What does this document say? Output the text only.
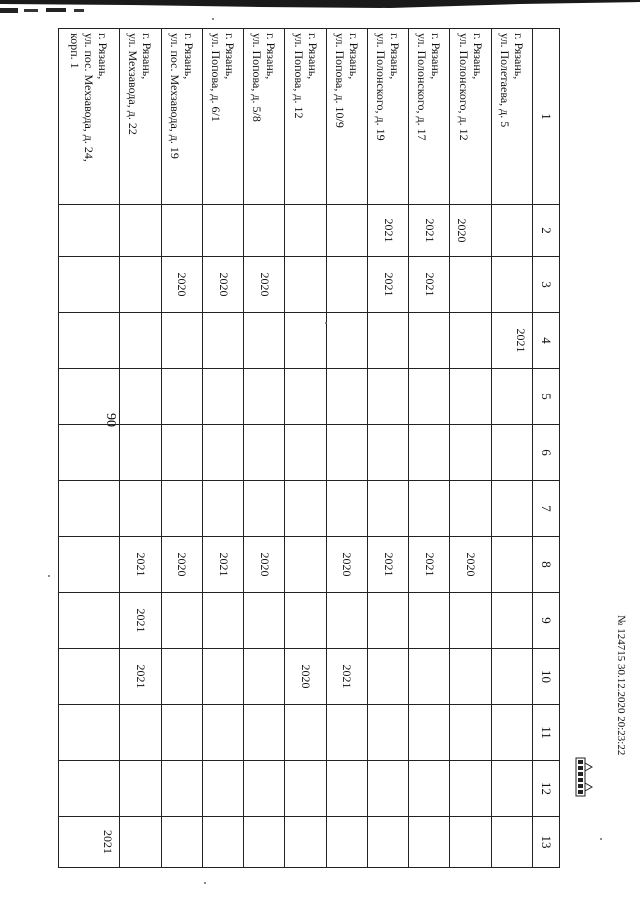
90
1	2	3	4	5	6	7	8	9	10	11	12	13

г. Рязань,
ул. Полетаева, д. 5			2021									

г. Рязань,
ул. Полонского, д. 12	2020						2020					

г. Рязань,
ул. Полонского, д. 17	2021	2021					2021					

г. Рязань,
ул. Полонского, д. 19	2021	2021					2021					

г. Рязань,
ул. Попова, д. 10/9							2020		2021			

г. Рязань,
ул. Попова, д. 12									2020			

г. Рязань,
ул. Попова, д. 5/8		2020					2020					

г. Рязань,
ул. Попова, д. 6/1		2020					2021					

г. Рязань,
ул. пос. Мехзавода, д. 19		2020					2020					

г. Рязань,
ул. Мехзавода, д. 22							2021	2021	2021			

г. Рязань,
ул. пос. Мехзавода, д. 24,
корп. 1												2021
№ 124715 30.12.2020 20:23:22
